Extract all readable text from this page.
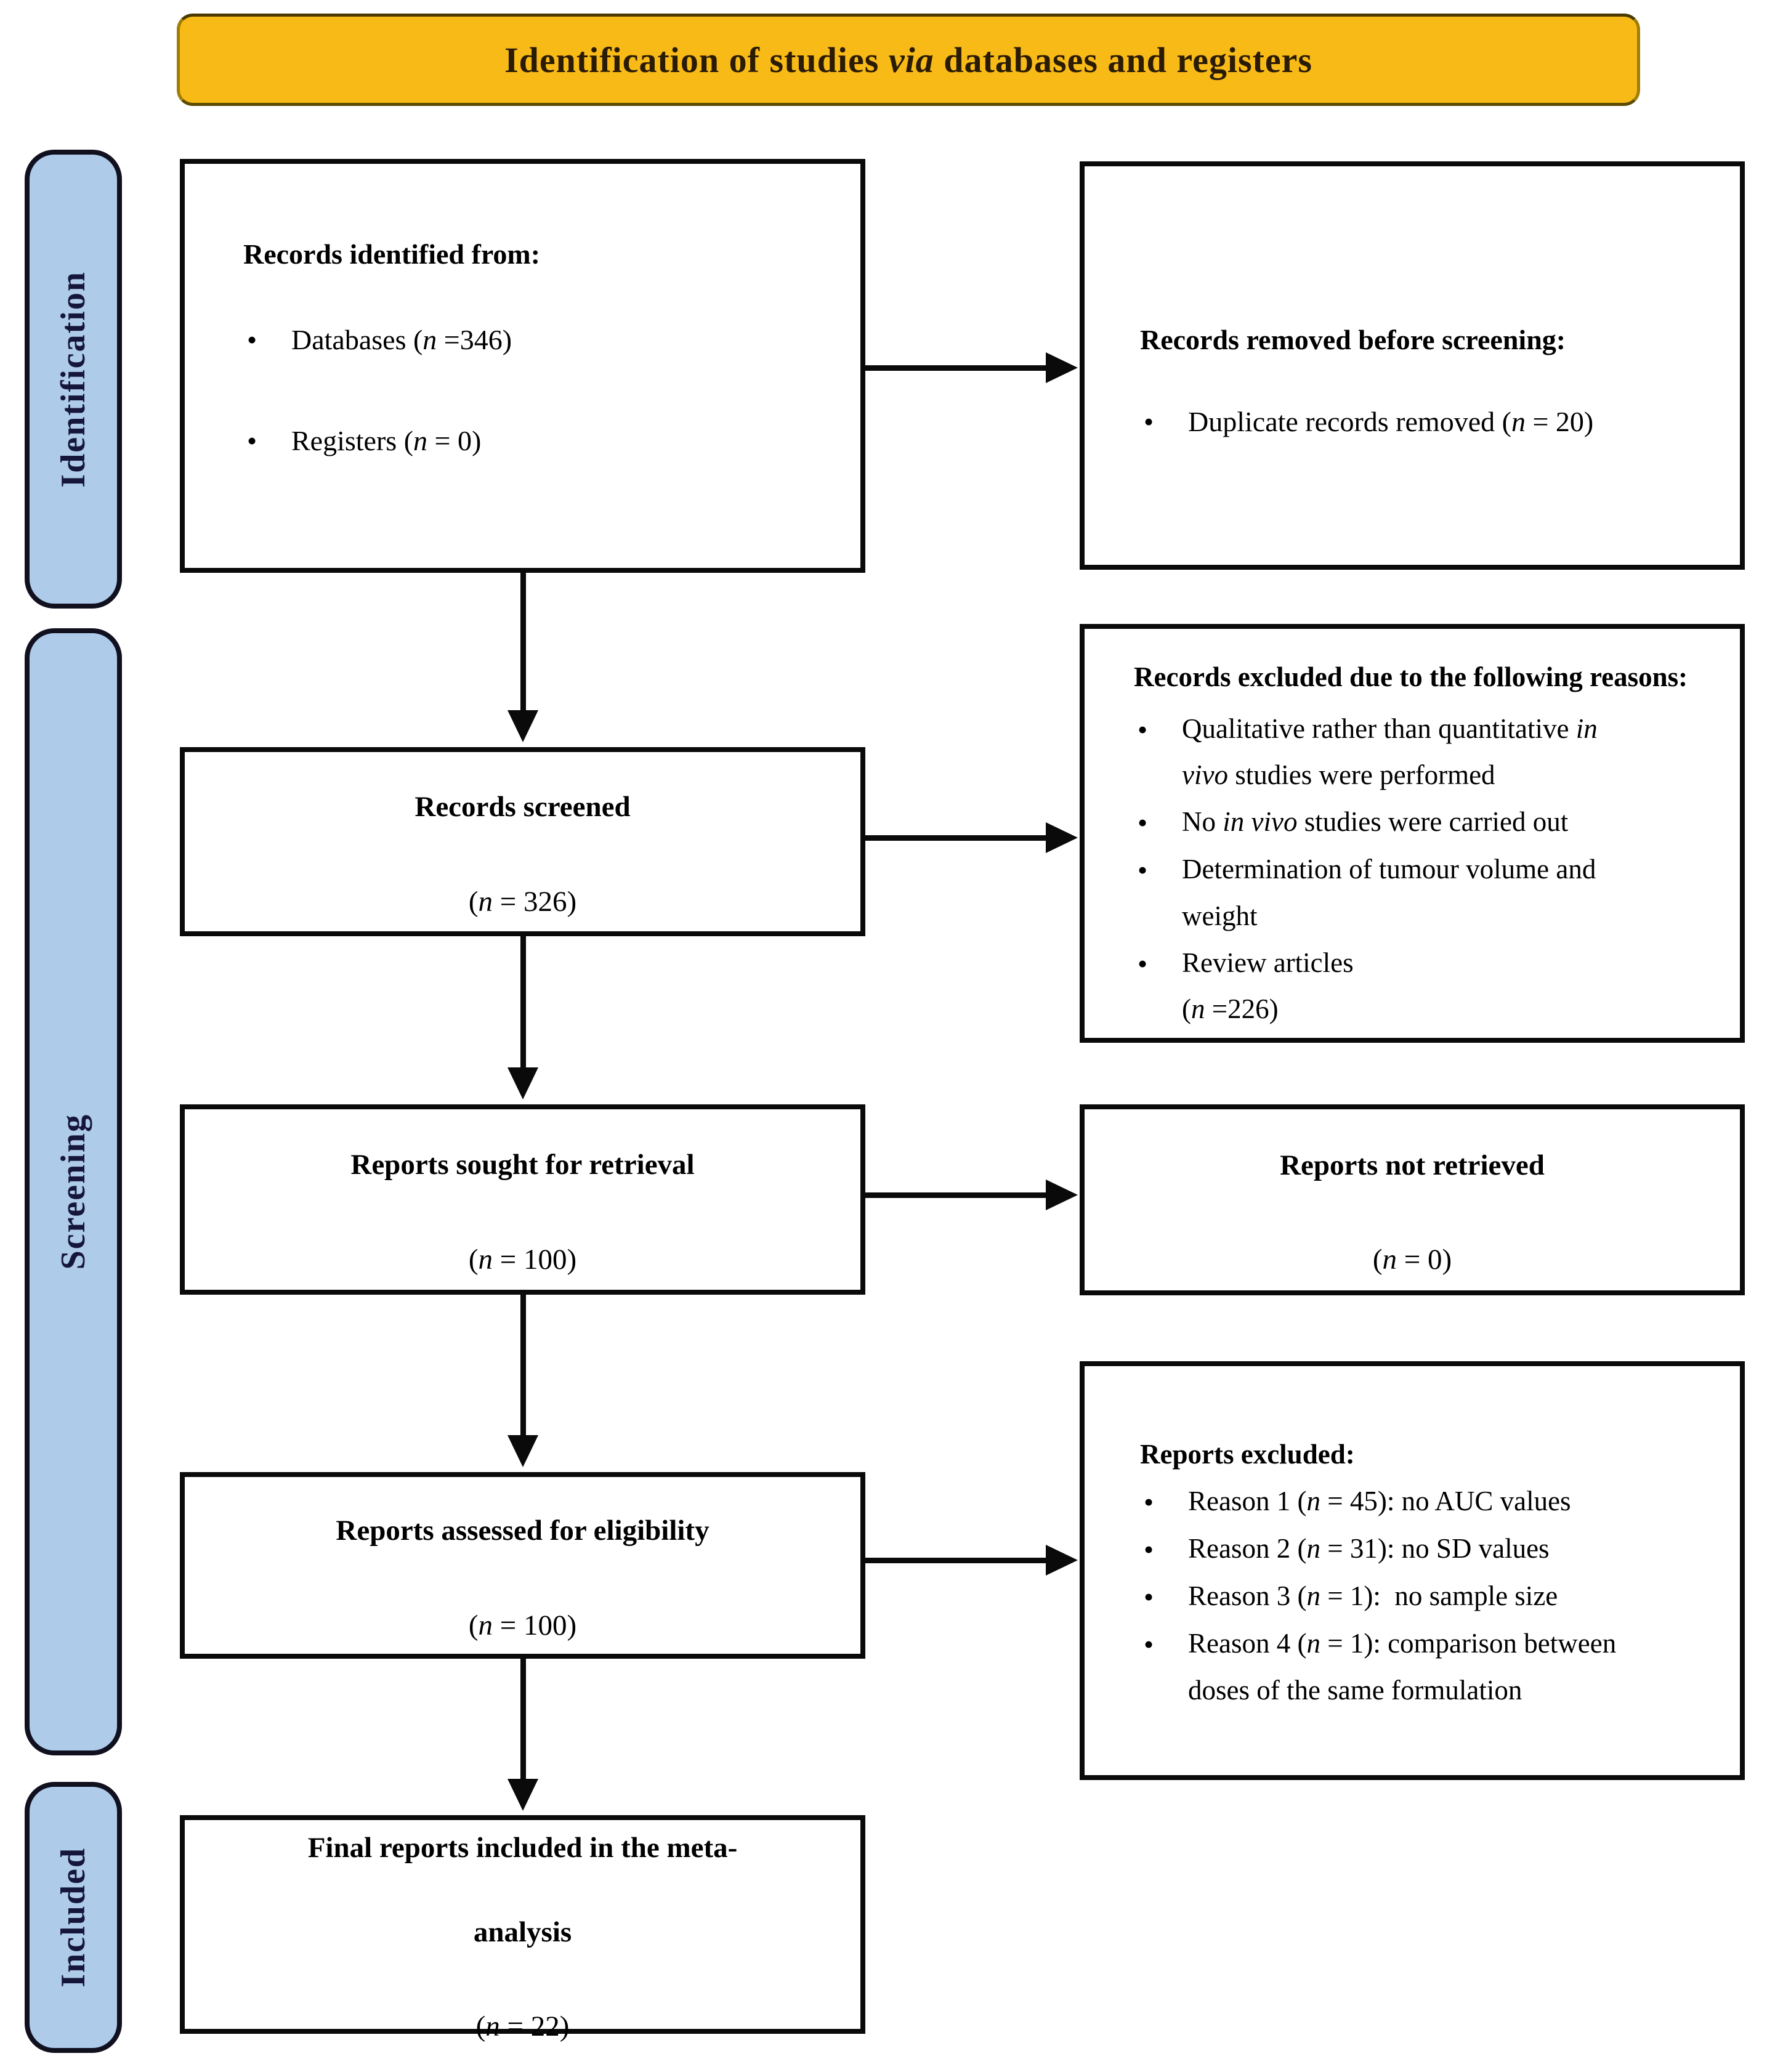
Identification of studies via databases and registers
Identification
Screening
Included
Records identified from:
•	Databases (n =346)
•	Registers (n = 0)
Records removed before screening:
•	Duplicate records removed (n = 20)
Records screened
(n = 326)
Records excluded due to the following reasons:
•	Qualitative rather than quantitative in
vivo studies were performed
•	No in vivo studies were carried out
•	Determination of tumour volume and
weight
•	Review articles
(n =226)
Reports sought for retrieval
(n = 100)
Reports not retrieved
(n = 0)
Reports assessed for eligibility
(n = 100)
Reports excluded:
•	Reason 1 (n = 45): no AUC values
•	Reason 2 (n = 31): no SD values
•	Reason 3 (n = 1):  no sample size
•	Reason 4 (n = 1): comparison between
doses of the same formulation
Final reports included in the meta-
analysis
(n = 22)
